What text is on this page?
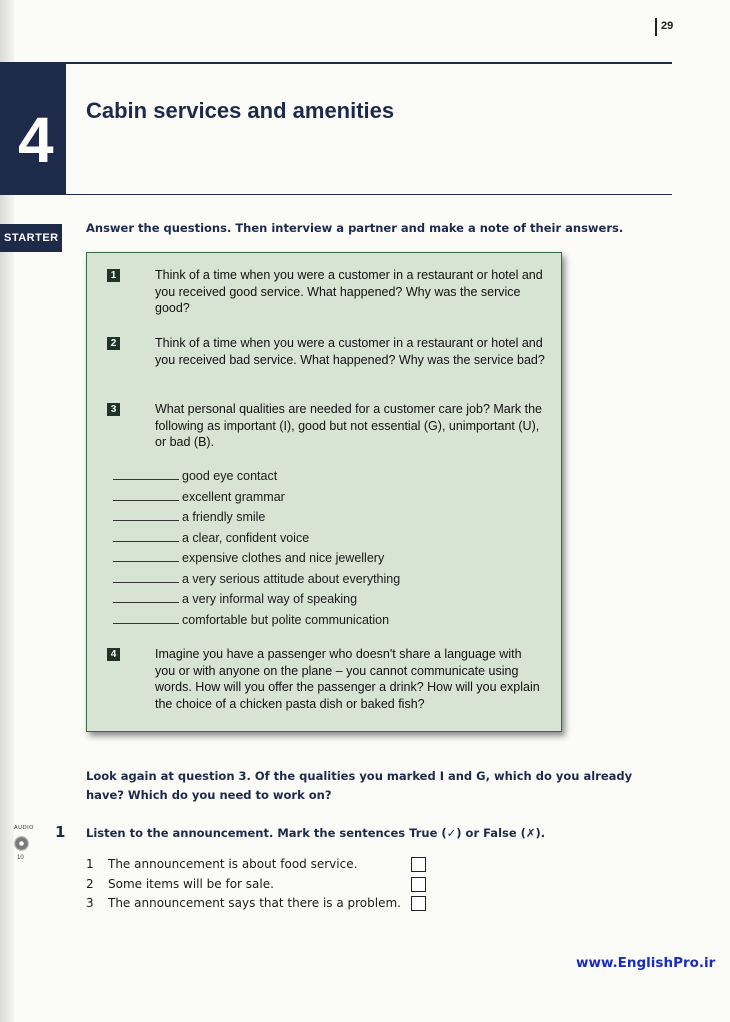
29
4 Cabin services and amenities
STARTER
Answer the questions. Then interview a partner and make a note of their answers.
1	Think of a time when you were a customer in a restaurant or hotel and you received good service. What happened? Why was the service good?
2	Think of a time when you were a customer in a restaurant or hotel and you received bad service. What happened? Why was the service bad?
3	What personal qualities are needed for a customer care job? Mark the following as important (I), good but not essential (G), unimportant (U), or bad (B).
good eye contact
excellent grammar
a friendly smile
a clear, confident voice
expensive clothes and nice jewellery
a very serious attitude about everything
a very informal way of speaking
comfortable but polite communication
4	Imagine you have a passenger who doesn't share a language with you or with anyone on the plane – you cannot communicate using words. How will you offer the passenger a drink? How will you explain the choice of a chicken pasta dish or baked fish?
Look again at question 3. Of the qualities you marked I and G, which do you already have? Which do you need to work on?
AUDIO
10
1 Listen to the announcement. Mark the sentences True (✓) or False (✗).
1 The announcement is about food service.
2 Some items will be for sale.
3 The announcement says that there is a problem.
www.EnglishPro.ir
